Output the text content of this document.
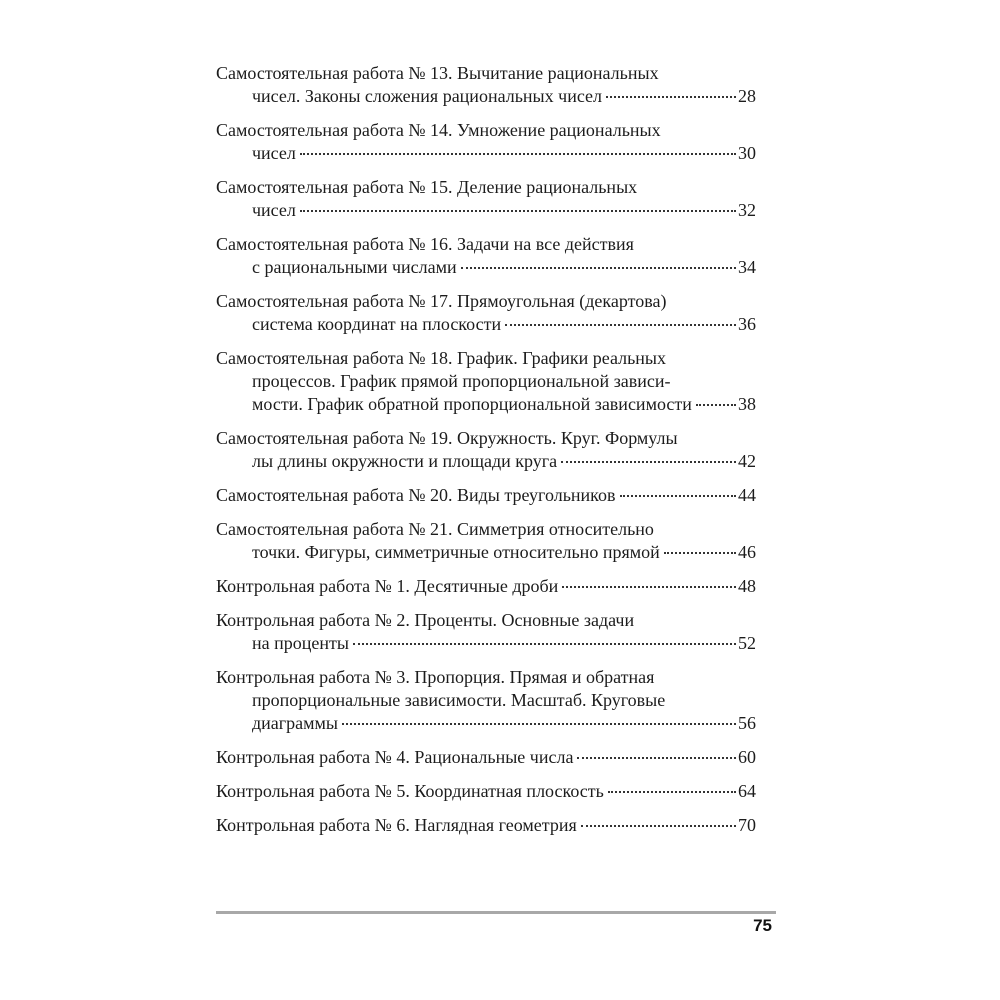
Самостоятельная работа № 13. Вычитание рациональных
чисел. Законы сложения рациональных чисел	28
Самостоятельная работа № 14. Умножение рациональных
чисел	30
Самостоятельная работа № 15. Деление рациональных
чисел	32
Самостоятельная работа № 16. Задачи на все действия
с рациональными числами	34
Самостоятельная работа № 17. Прямоугольная (декартова)
система координат на плоскости	36
Самостоятельная работа № 18. График. Графики реальных
процессов. График прямой пропорциональной зависи-
мости. График обратной пропорциональной зависимости	38
Самостоятельная работа № 19. Окружность. Круг. Формулы
лы длины окружности и площади круга	42
Самостоятельная работа № 20. Виды треугольников	44
Самостоятельная работа № 21. Симметрия относительно
точки. Фигуры, симметричные относительно прямой	46
Контрольная работа № 1. Десятичные дроби	48
Контрольная работа № 2. Проценты. Основные задачи
на проценты	52
Контрольная работа № 3. Пропорция. Прямая и обратная
пропорциональные зависимости. Масштаб. Круговые
диаграммы	56
Контрольная работа № 4. Рациональные числа	60
Контрольная работа № 5. Координатная плоскость	64
Контрольная работа № 6. Наглядная геометрия	70
75
